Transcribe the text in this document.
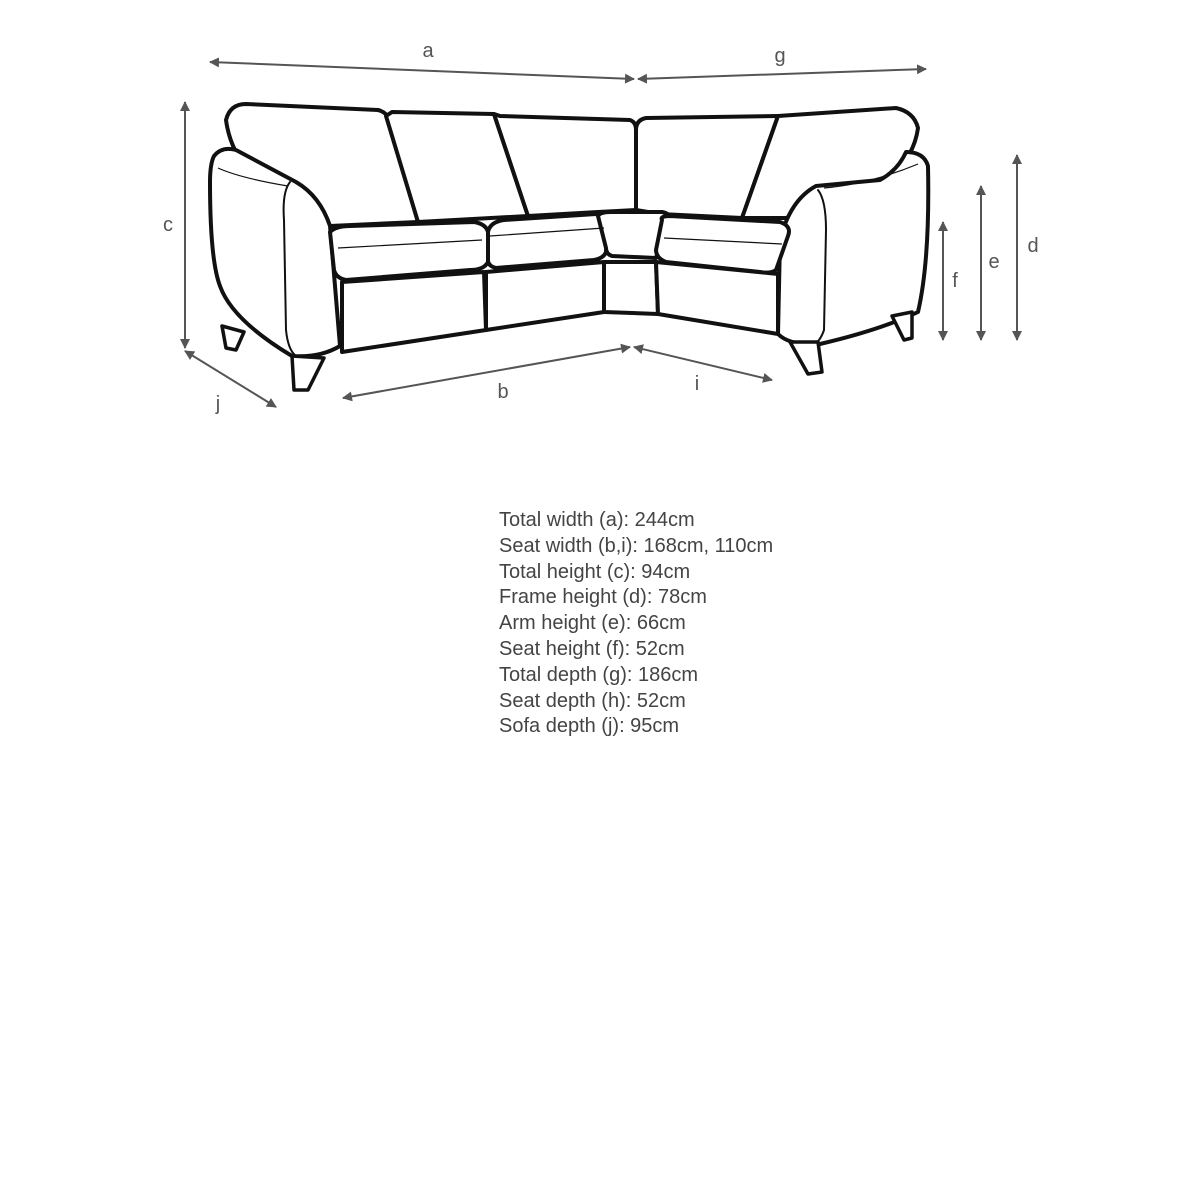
a	g
c
d
e
f
b	i
j
Total width (a): 244cm
Seat width (b,i): 168cm, 110cm
Total height (c): 94cm
Frame height (d): 78cm
Arm height (e): 66cm
Seat height (f): 52cm
Total depth (g): 186cm
Seat depth (h): 52cm
Sofa depth (j): 95cm
